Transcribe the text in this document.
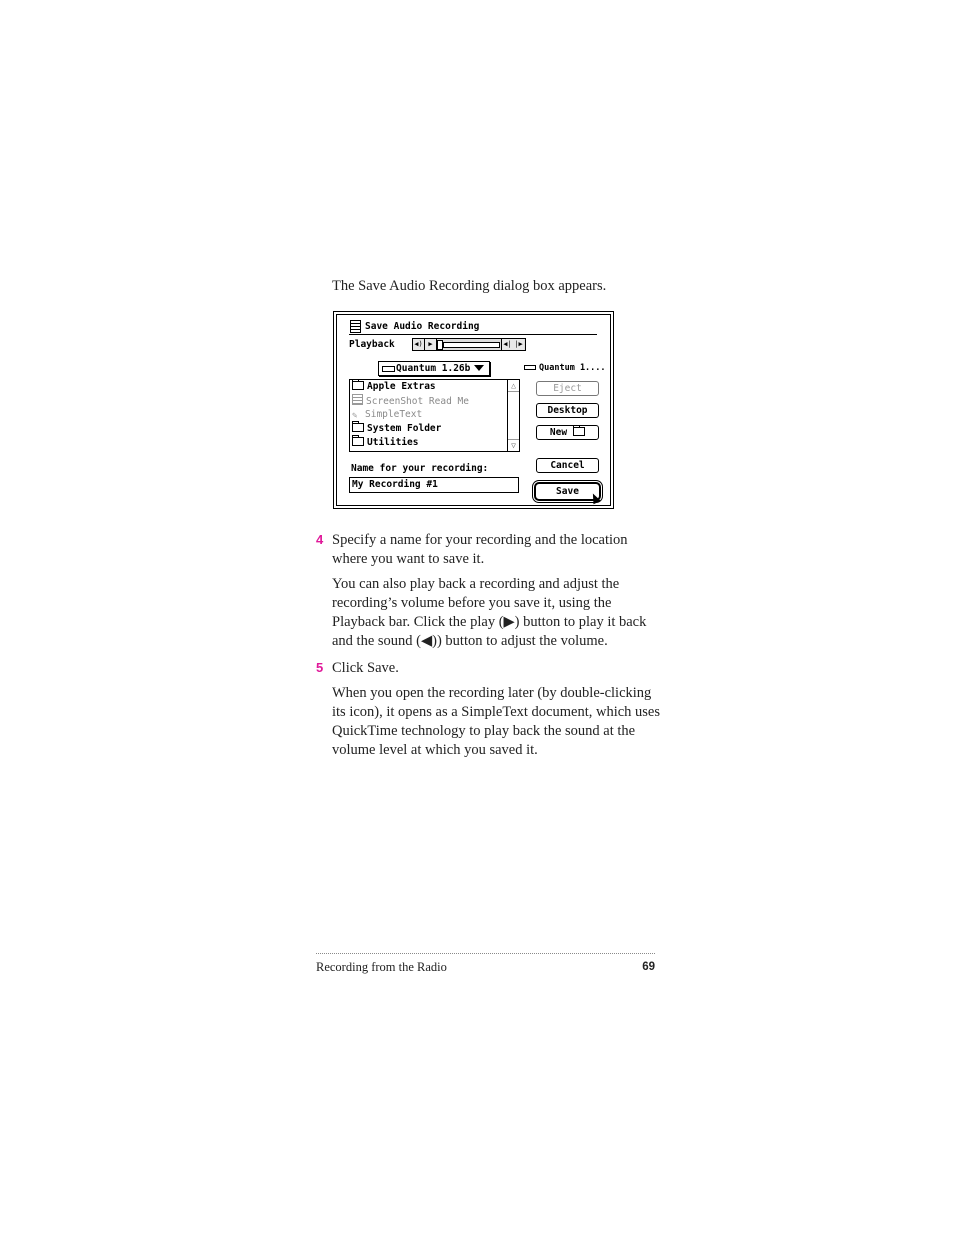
The Save Audio Recording dialog box appears.
Save Audio Recording
Playback	◀) ▶	◀| |▶
Quantum 1.26b	Quantum 1....
Apple Extras
ScreenShot Read Me
✎ SimpleText
System Folder
Utilities
△
▽
Eject
Desktop
New
Cancel
Save
Name for your recording:
My Recording #1
4 Specify a name for your recording and the location where you want to save it.
You can also play back a recording and adjust the recording’s volume before you save it, using the Playback bar. Click the play (▶) button to play it back and the sound (◀)) button to adjust the volume.
5 Click Save.
When you open the recording later (by double-clicking its icon), it opens as a SimpleText document, which uses QuickTime technology to play back the sound at the volume level at which you saved it.
Recording from the Radio	69
